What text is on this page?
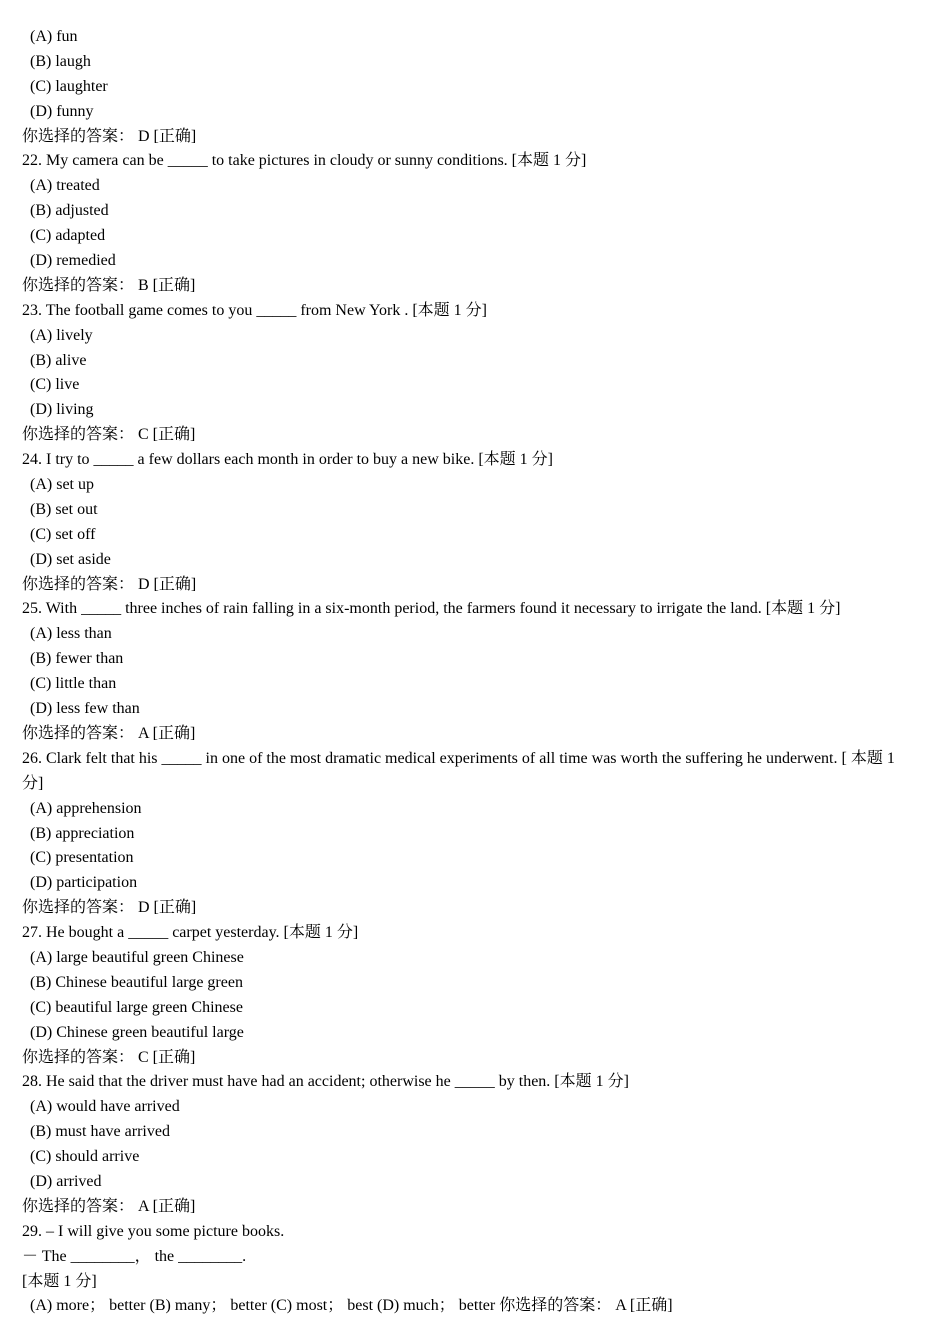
(A) fun
(B) laugh
(C) laughter
(D) funny
你选择的答案： D [正确]
22. My camera can be _____ to take pictures in cloudy or sunny conditions. [本题 1 分]
(A) treated
(B) adjusted
(C) adapted
(D) remedied
你选择的答案： B [正确]
23. The football game comes to you _____ from New York . [本题 1 分]
(A) lively
(B) alive
(C) live
(D) living
你选择的答案： C [正确]
24. I try to _____ a few dollars each month in order to buy a new bike. [本题 1 分]
(A) set up
(B) set out
(C) set off
(D) set aside
你选择的答案： D [正确]
25. With _____ three inches of rain falling in a six-month period, the farmers found it necessary to irrigate the land. [本题 1 分]
(A) less than
(B) fewer than
(C) little than
(D) less few than
你选择的答案： A [正确]
26. Clark felt that his _____ in one of the most dramatic medical experiments of all time was worth the suffering he underwent. [ 本题 1
分]
(A) apprehension
(B) appreciation
(C) presentation
(D) participation
你选择的答案： D [正确]
27. He bought a _____ carpet yesterday. [本题 1 分]
(A) large beautiful green Chinese
(B) Chinese beautiful large green
(C) beautiful large green Chinese
(D) Chinese green beautiful large
你选择的答案： C [正确]
28. He said that the driver must have had an accident; otherwise he _____ by then. [本题 1 分]
(A) would have arrived
(B) must have arrived
(C) should arrive
(D) arrived
你选择的答案： A [正确]
29. – I will give you some picture books.
－ The ________， the ________.
[本题 1 分]
(A) more； better (B) many； better (C) most； best (D) much； better 你选择的答案： A [正确]
